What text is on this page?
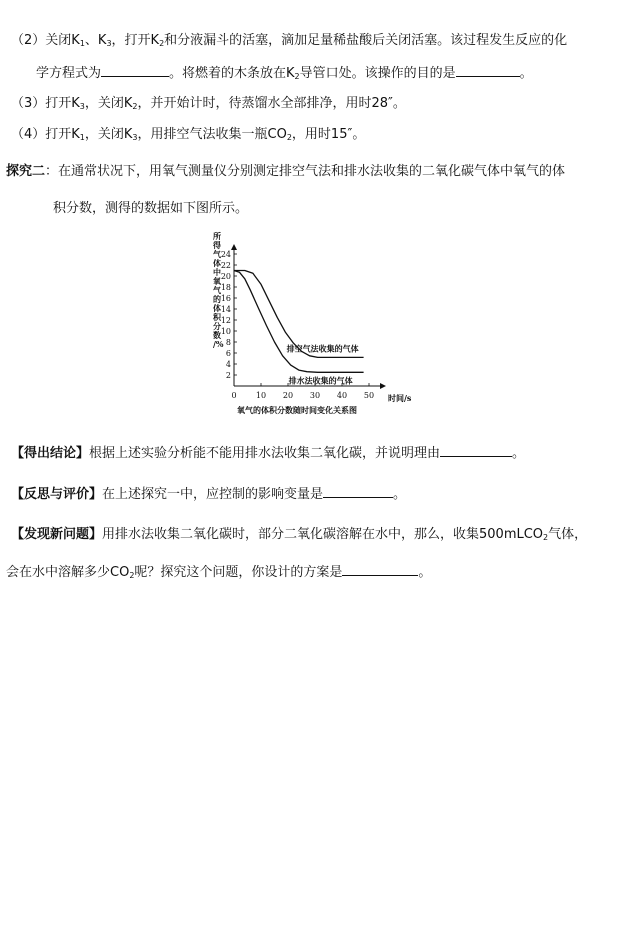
（2）关闭$K_1$、$K_3$，打开$K_2$和分液漏斗的活塞，滴加足量稀盐酸后关闭活塞。该过程发生反应的化
学方程式为	。将燃着的木条放在$K_2$导管口处。该操作的目的是	。
（3）打开$K_3$，关闭$K_2$，并开始计时，待蒸馏水全部排净，用时28″。
（4）打开$K_1$，关闭$K_3$，用排空气法收集一瓶$CO_2$，用时15″。
探究二：在通常状况下，用氧气测量仪分别测定排空气法和排水法收集的二氧化碳气体中氧气的体
积分数，测得的数据如下图所示。
所
得
气
体
中
氧
气
的
体
积
分
数
/%
2
4
6
8
10
12
14
16
18
20
22
24
0 10 20 30 40 50
排空气法收集的气体
排水法收集的气体
时间/s
氧气的体积分数随时间变化关系图
【得出结论】根据上述实验分析能不能用排水法收集二氧化碳，并说明理由	。
【反思与评价】在上述探究一中，应控制的影响变量是	。
【发现新问题】用排水法收集二氧化碳时，部分二氧化碳溶解在水中，那么，收集500mLCO$_2$气体，
会在水中溶解多少$CO_2$呢？探究这个问题，你设计的方案是	。
